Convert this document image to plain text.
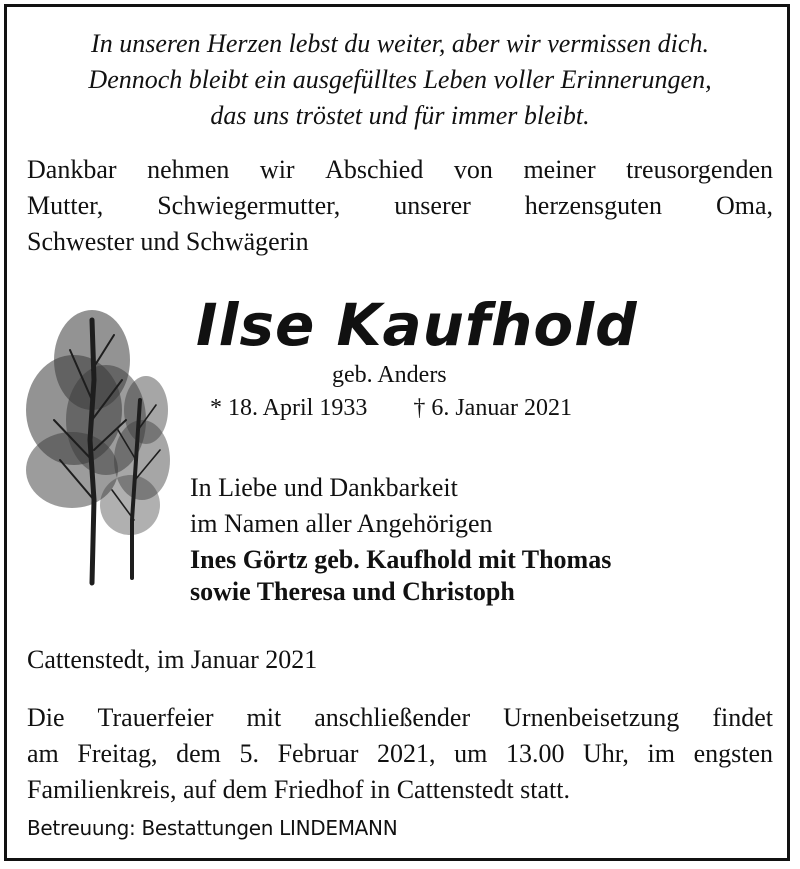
In unseren Herzen lebst du weiter, aber wir vermissen dich.
Dennoch bleibt ein ausgefülltes Leben voller Erinnerungen,
das uns tröstet und für immer bleibt.
Dankbar nehmen wir Abschied von meiner treusorgenden
Mutter, Schwiegermutter, unserer herzensguten Oma,
Schwester und Schwägerin
Ilse Kaufhold
geb. Anders
* 18. April 1933 † 6. Januar 2021
In Liebe und Dankbarkeit
im Namen aller Angehörigen
Ines Görtz geb. Kaufhold mit Thomas
sowie Theresa und Christoph
Cattenstedt, im Januar 2021
Die Trauerfeier mit anschließender Urnenbeisetzung findet
am Freitag, dem 5. Februar 2021, um 13.00 Uhr, im engsten
Familienkreis, auf dem Friedhof in Cattenstedt statt.
Betreuung: Bestattungen LINDEMANN
